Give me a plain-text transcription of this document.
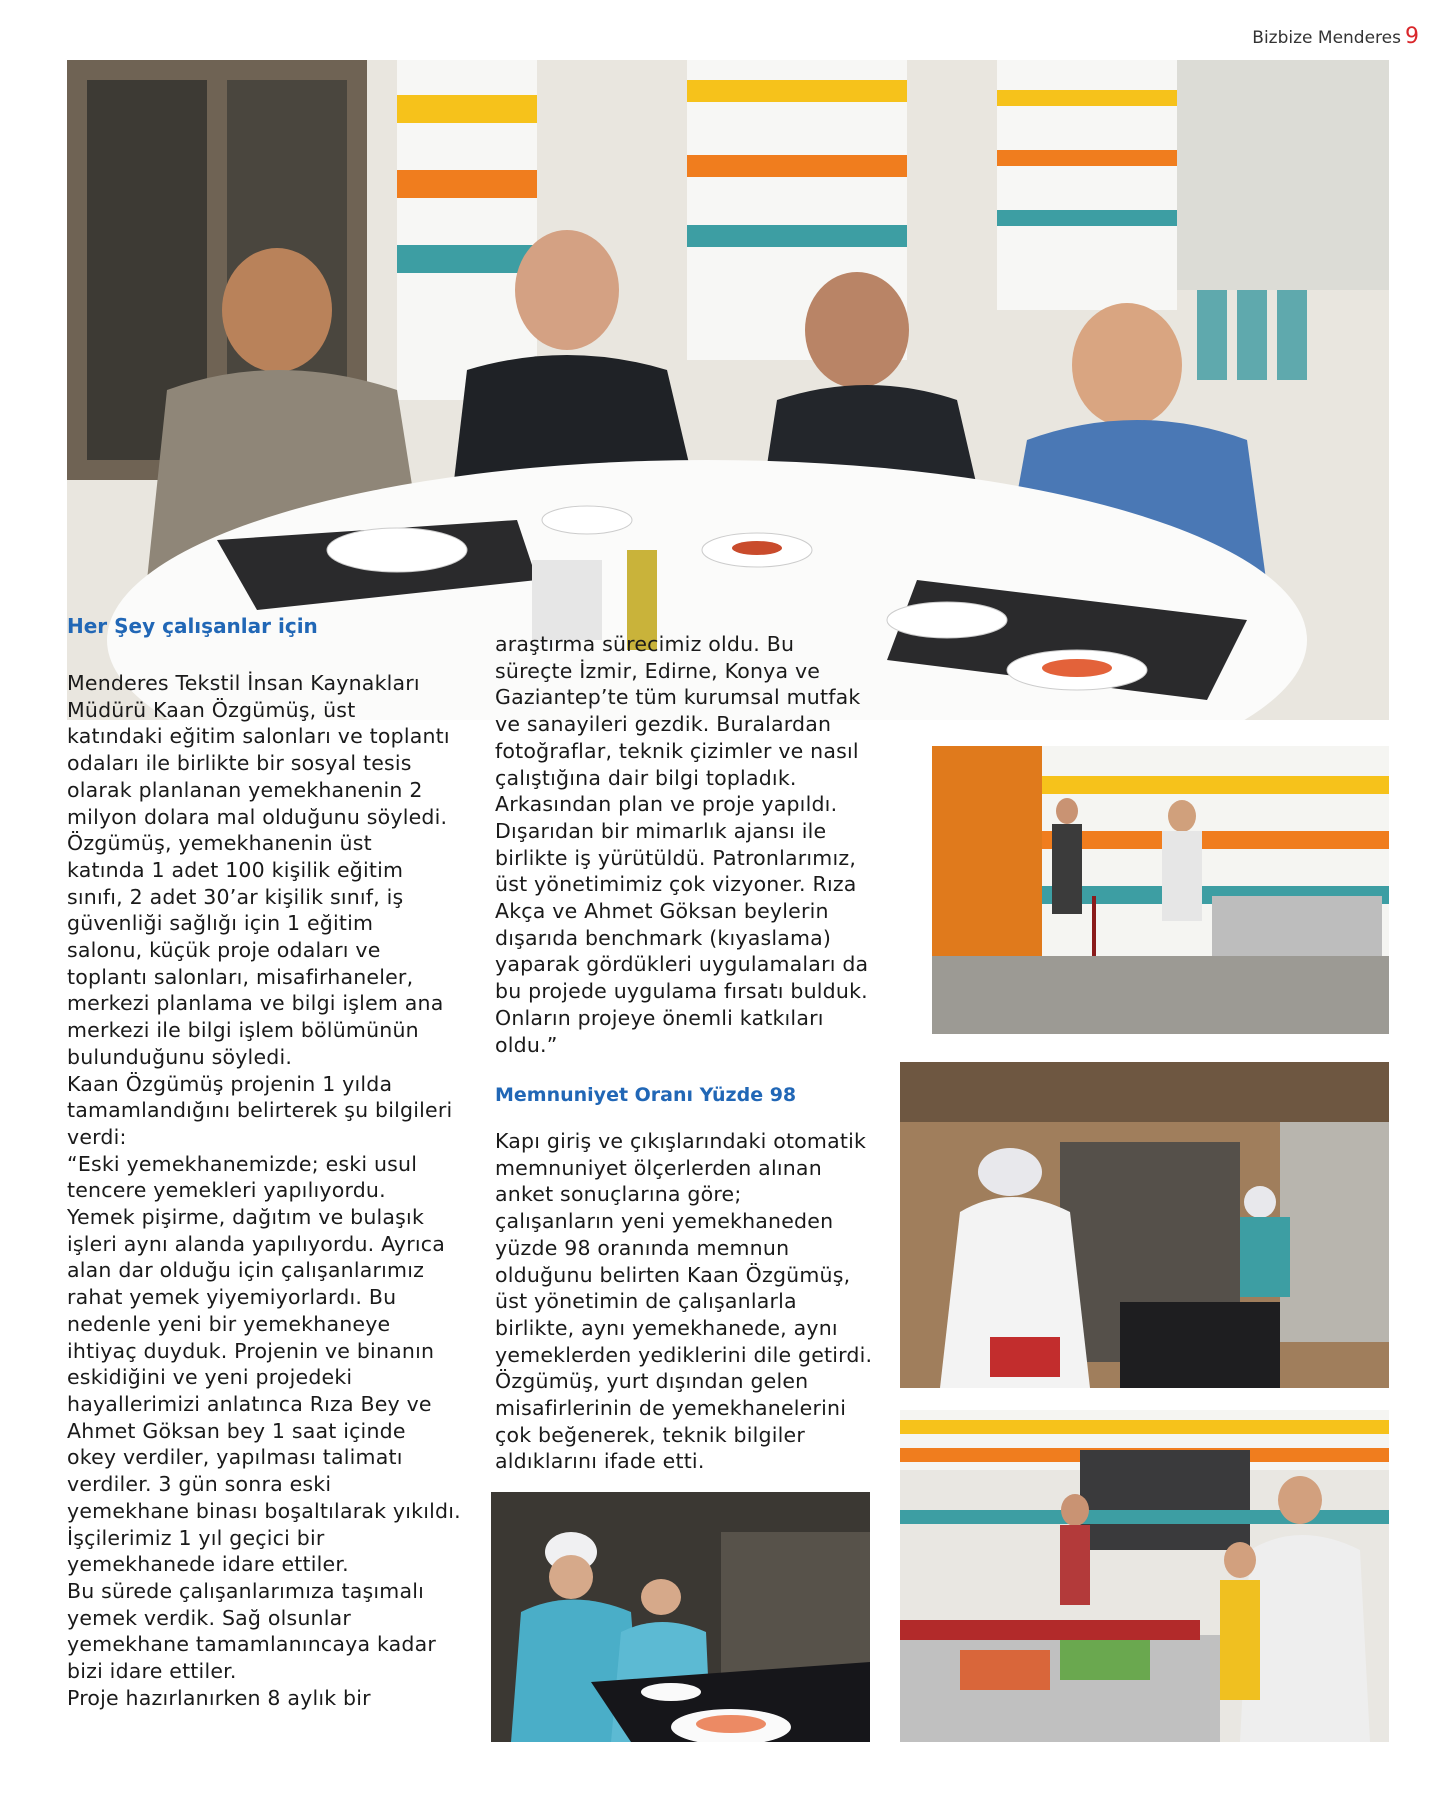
Bizbize Menderes 9
Her Şey çalışanlar için

Menderes Tekstil İnsan Kaynakları
Müdürü Kaan Özgümüş, üst
katındaki eğitim salonları ve toplantı
odaları ile birlikte bir sosyal tesis
olarak planlanan yemekhanenin 2
milyon dolara mal olduğunu söyledi.
Özgümüş, yemekhanenin üst
katında 1 adet 100 kişilik eğitim
sınıfı, 2 adet 30’ar kişilik sınıf, iş
güvenliği sağlığı için 1 eğitim
salonu, küçük proje odaları ve
toplantı salonları, misafirhaneler,
merkezi planlama ve bilgi işlem ana
merkezi ile bilgi işlem bölümünün
bulunduğunu söyledi.
Kaan Özgümüş projenin 1 yılda
tamamlandığını belirterek şu bilgileri
verdi:
“Eski yemekhanemizde; eski usul
tencere yemekleri yapılıyordu.
Yemek pişirme, dağıtım ve bulaşık
işleri aynı alanda yapılıyordu. Ayrıca
alan dar olduğu için çalışanlarımız
rahat yemek yiyemiyorlardı. Bu
nedenle yeni bir yemekhaneye
ihtiyaç duyduk. Projenin ve binanın
eskidiğini ve yeni projedeki
hayallerimizi anlatınca Rıza Bey ve
Ahmet Göksan bey 1 saat içinde
okey verdiler, yapılması talimatı
verdiler. 3 gün sonra eski
yemekhane binası boşaltılarak yıkıldı.
İşçilerimiz 1 yıl geçici bir
yemekhanede idare ettiler.
Bu sürede çalışanlarımıza taşımalı
yemek verdik. Sağ olsunlar
yemekhane tamamlanıncaya kadar
bizi idare ettiler.
Proje hazırlanırken 8 aylık bir

araştırma sürecimiz oldu. Bu
süreçte İzmir, Edirne, Konya ve
Gaziantep’te tüm kurumsal mutfak
ve sanayileri gezdik. Buralardan
fotoğraflar, teknik çizimler ve nasıl
çalıştığına dair bilgi topladık.
Arkasından plan ve proje yapıldı.
Dışarıdan bir mimarlık ajansı ile
birlikte iş yürütüldü. Patronlarımız,
üst yönetimimiz çok vizyoner. Rıza
Akça ve Ahmet Göksan beylerin
dışarıda benchmark (kıyaslama)
yaparak gördükleri uygulamaları da
bu projede uygulama fırsatı bulduk.
Onların projeye önemli katkıları
oldu.”

Memnuniyet Oranı Yüzde 98

Kapı giriş ve çıkışlarındaki otomatik
memnuniyet ölçerlerden alınan
anket sonuçlarına göre;
çalışanların yeni yemekhaneden
yüzde 98 oranında memnun
olduğunu belirten Kaan Özgümüş,
üst yönetimin de çalışanlarla
birlikte, aynı yemekhanede, aynı
yemeklerden yediklerini dile getirdi.
Özgümüş, yurt dışından gelen
misafirlerinin de yemekhanelerini
çok beğenerek, teknik bilgiler
aldıklarını ifade etti.
